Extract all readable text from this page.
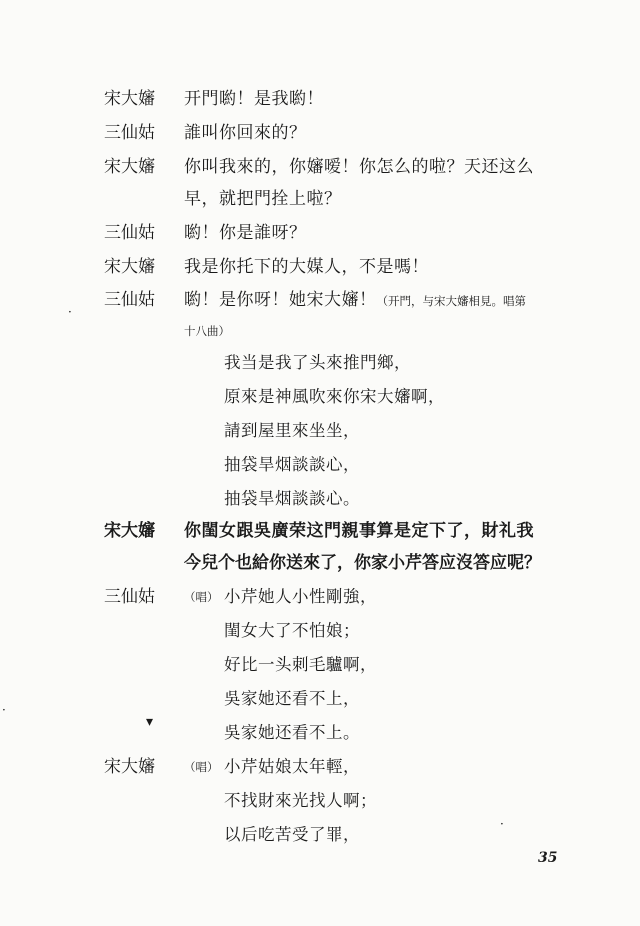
宋大嬸 开門喲！是我喲！
三仙姑 誰叫你回來的？
宋大嬸 你叫我來的，你嬸嗳！你怎么的啦？天还这么
早，就把門拴上啦？
三仙姑 喲！你是誰呀？
宋大嬸 我是你托下的大媒人，不是嗎！
三仙姑 喲！是你呀！她宋大嬸！（开門，与宋大嬸相見。唱第
十八曲）
我当是我了头來推門鄉，
原來是神風吹來你宋大嬸啊，
請到屋里來坐坐，
抽袋旱烟談談心，
抽袋旱烟談談心。
宋大嬸 你閨女跟吳廣荣这門親事算是定下了，財礼我
今兒个也給你送來了，你家小芹答应沒答应呢？
三仙姑	（唱） 小芹她人小性剛強，
閨女大了不怕娘；
好比一头刺毛驢啊，
吳家她还看不上，
吳家她还看不上。
宋大嬸	（唱） 小芹姑娘太年輕，
不找財來光找人啊；
以后吃苦受了罪，
35
·
▾
·
·
